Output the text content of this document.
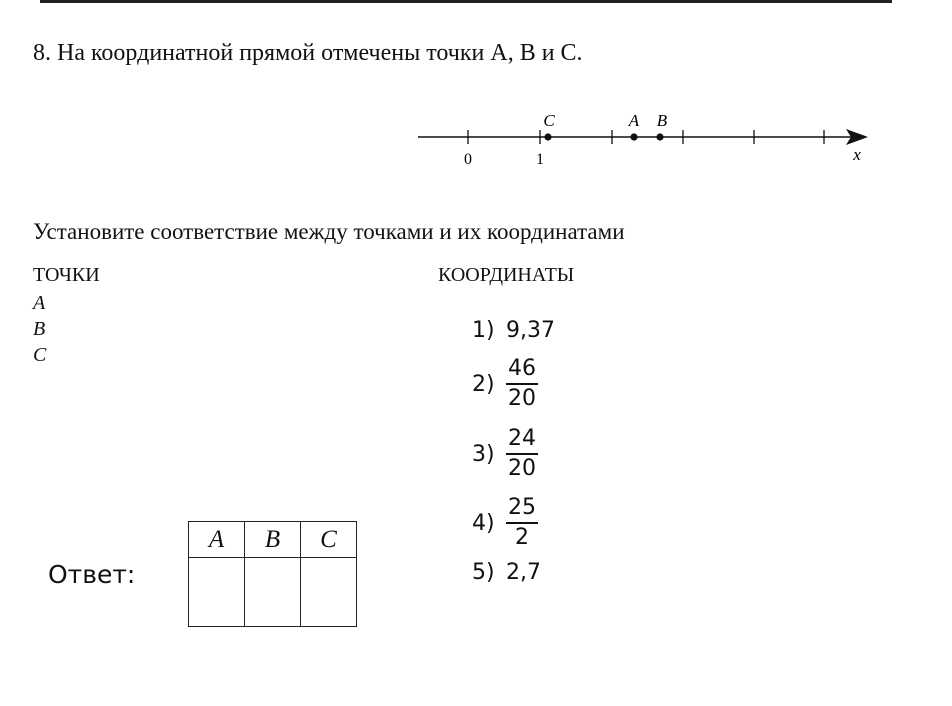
8. На координатной прямой отмечены точки A, B и C.
0	1	x
C	A B
Установите соответствие между точками и их координатами
ТОЧКИ	КООРДИНАТЫ
A
B
C
1) 9,37
$2) \frac{46}{20}$
$3) \frac{24}{20}$
$4) \frac{25}{2}$
5) 2,7
Ответ:
A	B	C
